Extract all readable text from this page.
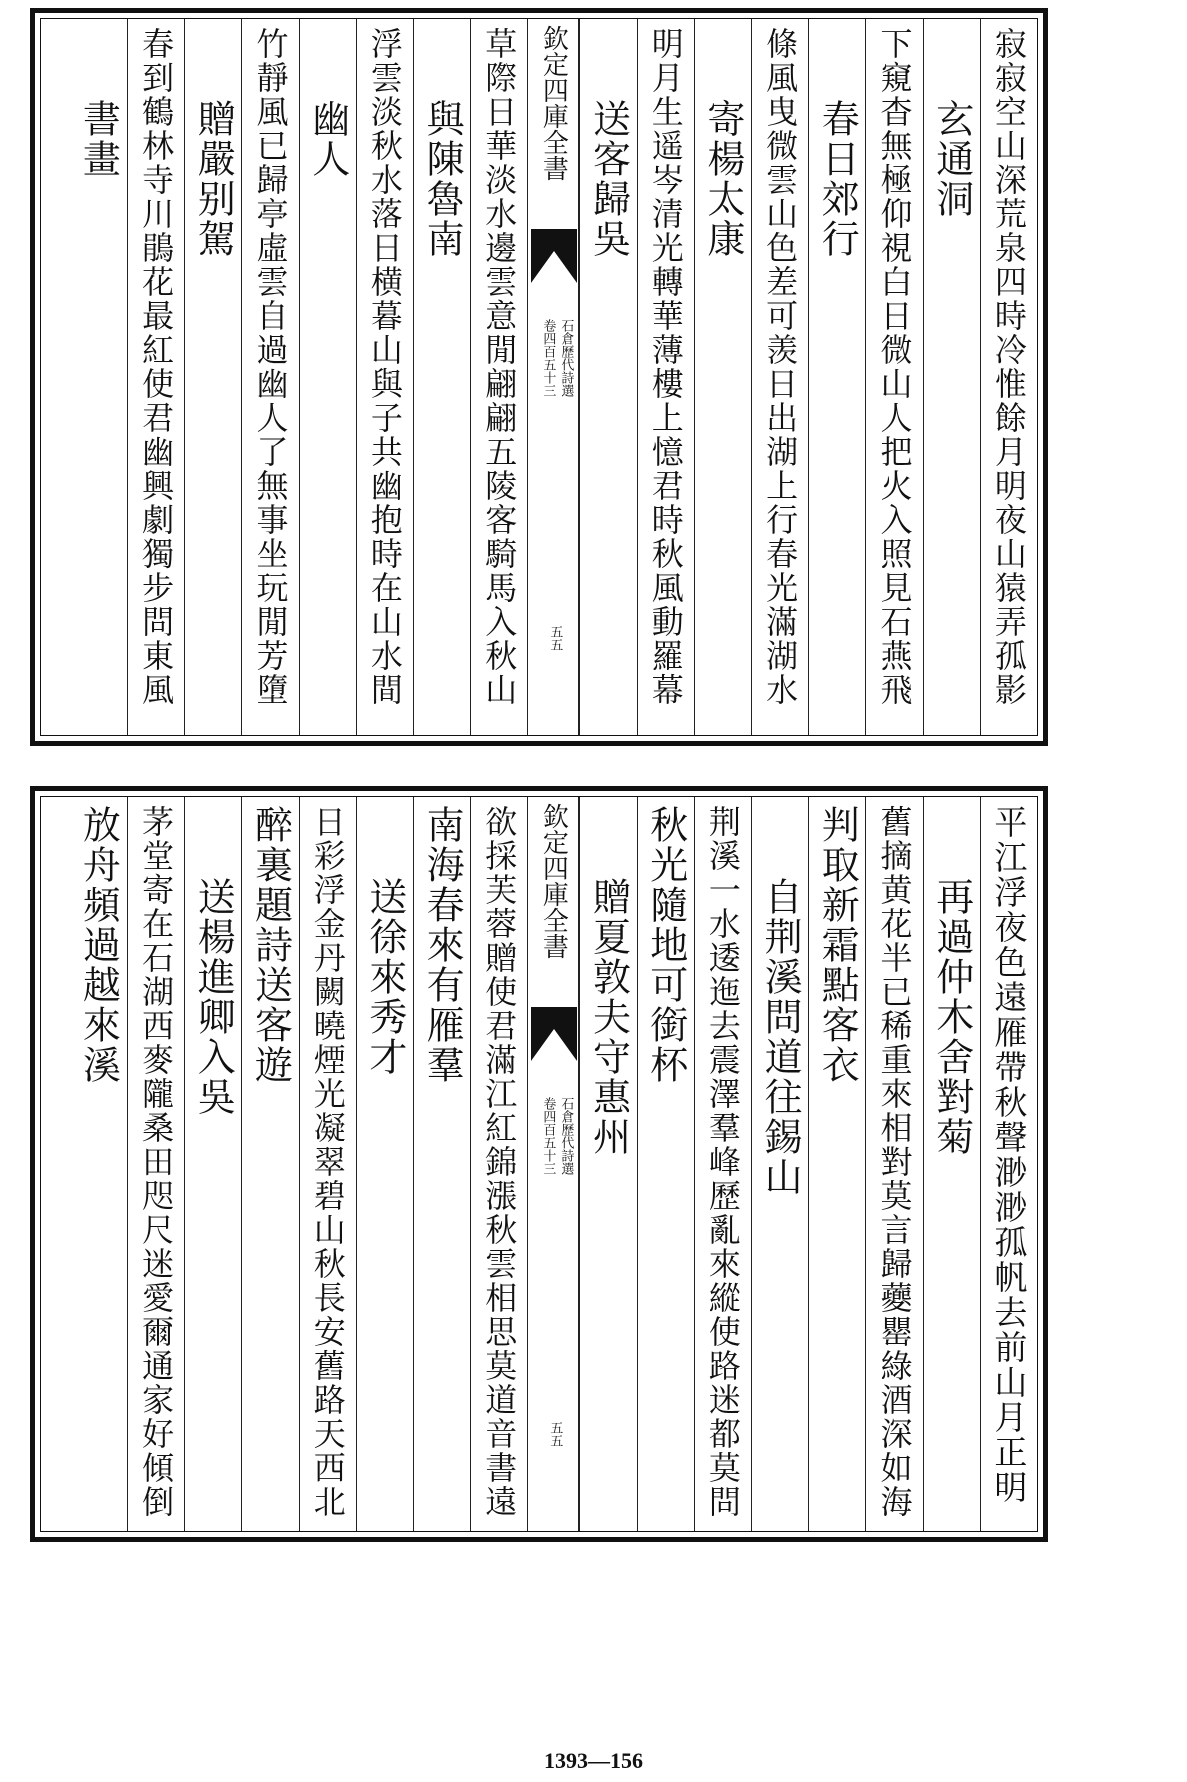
寂寂空山深荒泉四時冷惟餘月明夜山猿弄孤影
玄通洞
下窺杳無極仰視白日微山人把火入照見石燕飛
春日郊行
條風曳微雲山色差可羡日出湖上行春光滿湖水
寄楊太康
明月生遥岑清光轉華薄樓上憶君時秋風動羅幕
送客歸吳
欽定四庫全書
石倉歷代詩選
卷四百五十三
五五
草際日華淡水邊雲意閒翩翩五陵客騎馬入秋山
與陳魯南
浮雲淡秋水落日横暮山與子共幽抱時在山水間
幽人
竹靜風已歸亭虛雲自過幽人了無事坐玩閒芳墮
贈嚴别駕
春到鶴林寺川鵑花最紅使君幽興劇獨步問東風
書畫
平江浮夜色遠雁帶秋聲渺渺孤帆去前山月正明
再過仲木舍對菊
舊摘黄花半已稀重來相對莫言歸蘷罌綠酒深如海
判取新霜點客衣
自荆溪問道往錫山
荆溪一水逶迤去震澤羣峰歷亂來縱使路迷都莫問
秋光隨地可銜杯
贈夏敦夫守惠州
欽定四庫全書
石倉歷代詩選
卷四百五十三
五五
欲採芙蓉贈使君滿江紅錦漲秋雲相思莫道音書遠
南海春來有雁羣
送徐來秀才
日彩浮金丹闕曉煙光凝翠碧山秋長安舊路天西北
醉裏題詩送客遊
送楊進卿入吳
茅堂寄在石湖西麥隴桑田咫尺迷愛爾通家好傾倒
放舟頻過越來溪
1393—156
